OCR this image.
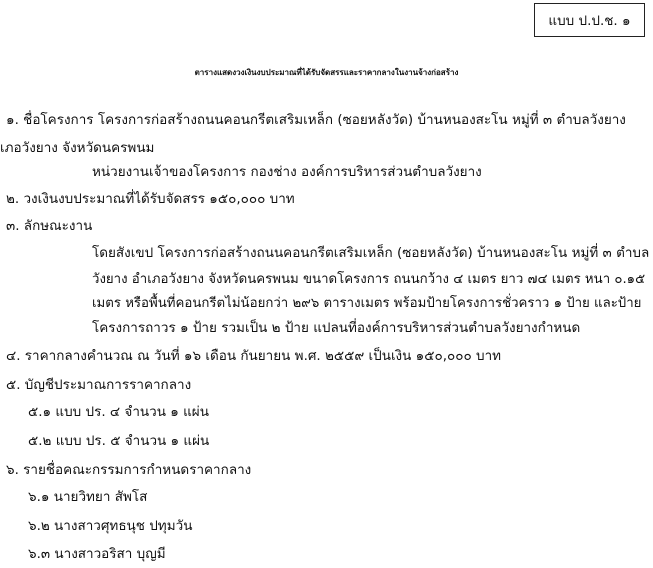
แบบ ป.ป.ช. ๑
ตารางแสดงวงเงินงบประมาณที่ได้รับจัดสรรและราคากลางในงานจ้างก่อสร้าง
๑. ชื่อโครงการ โครงการก่อสร้างถนนคอนกรีตเสริมเหล็ก (ซอยหลังวัด) บ้านหนองสะโน หมู่ที่ ๓ ตำบลวังยาง
เภอวังยาง จังหวัดนครพนม
หน่วยงานเจ้าของโครงการ กองช่าง องค์การบริหารส่วนตำบลวังยาง
๒. วงเงินงบประมาณที่ได้รับจัดสรร ๑๕๐,๐๐๐ บาท
๓. ลักษณะงาน
โดยสังเขป โครงการก่อสร้างถนนคอนกรีตเสริมเหล็ก (ซอยหลังวัด) บ้านหนองสะโน หมู่ที่ ๓ ตำบล
วังยาง อำเภอวังยาง จังหวัดนครพนม ขนาดโครงการ ถนนกว้าง ๔ เมตร ยาว ๗๔ เมตร หนา ๐.๑๕
เมตร หรือพื้นที่คอนกรีตไม่น้อยกว่า ๒๙๖ ตารางเมตร พร้อมป้ายโครงการชั่วคราว ๑ ป้าย และป้าย
โครงการถาวร ๑ ป้าย รวมเป็น ๒ ป้าย แปลนที่องค์การบริหารส่วนตำบลวังยางกำหนด
๔. ราคากลางคำนวณ ณ วันที่ ๑๖ เดือน กันยายน พ.ศ. ๒๕๕๙ เป็นเงิน ๑๕๐,๐๐๐ บาท
๕. บัญชีประมาณการราคากลาง
๕.๑ แบบ ปร. ๔ จำนวน ๑ แผ่น
๕.๒ แบบ ปร. ๕ จำนวน ๑ แผ่น
๖. รายชื่อคณะกรรมการกำหนดราคากลาง
๖.๑ นายวิทยา สัพโส
๖.๒ นางสาวศุทธนุช ปทุมวัน
๖.๓ นางสาวอริสา บุญมี
